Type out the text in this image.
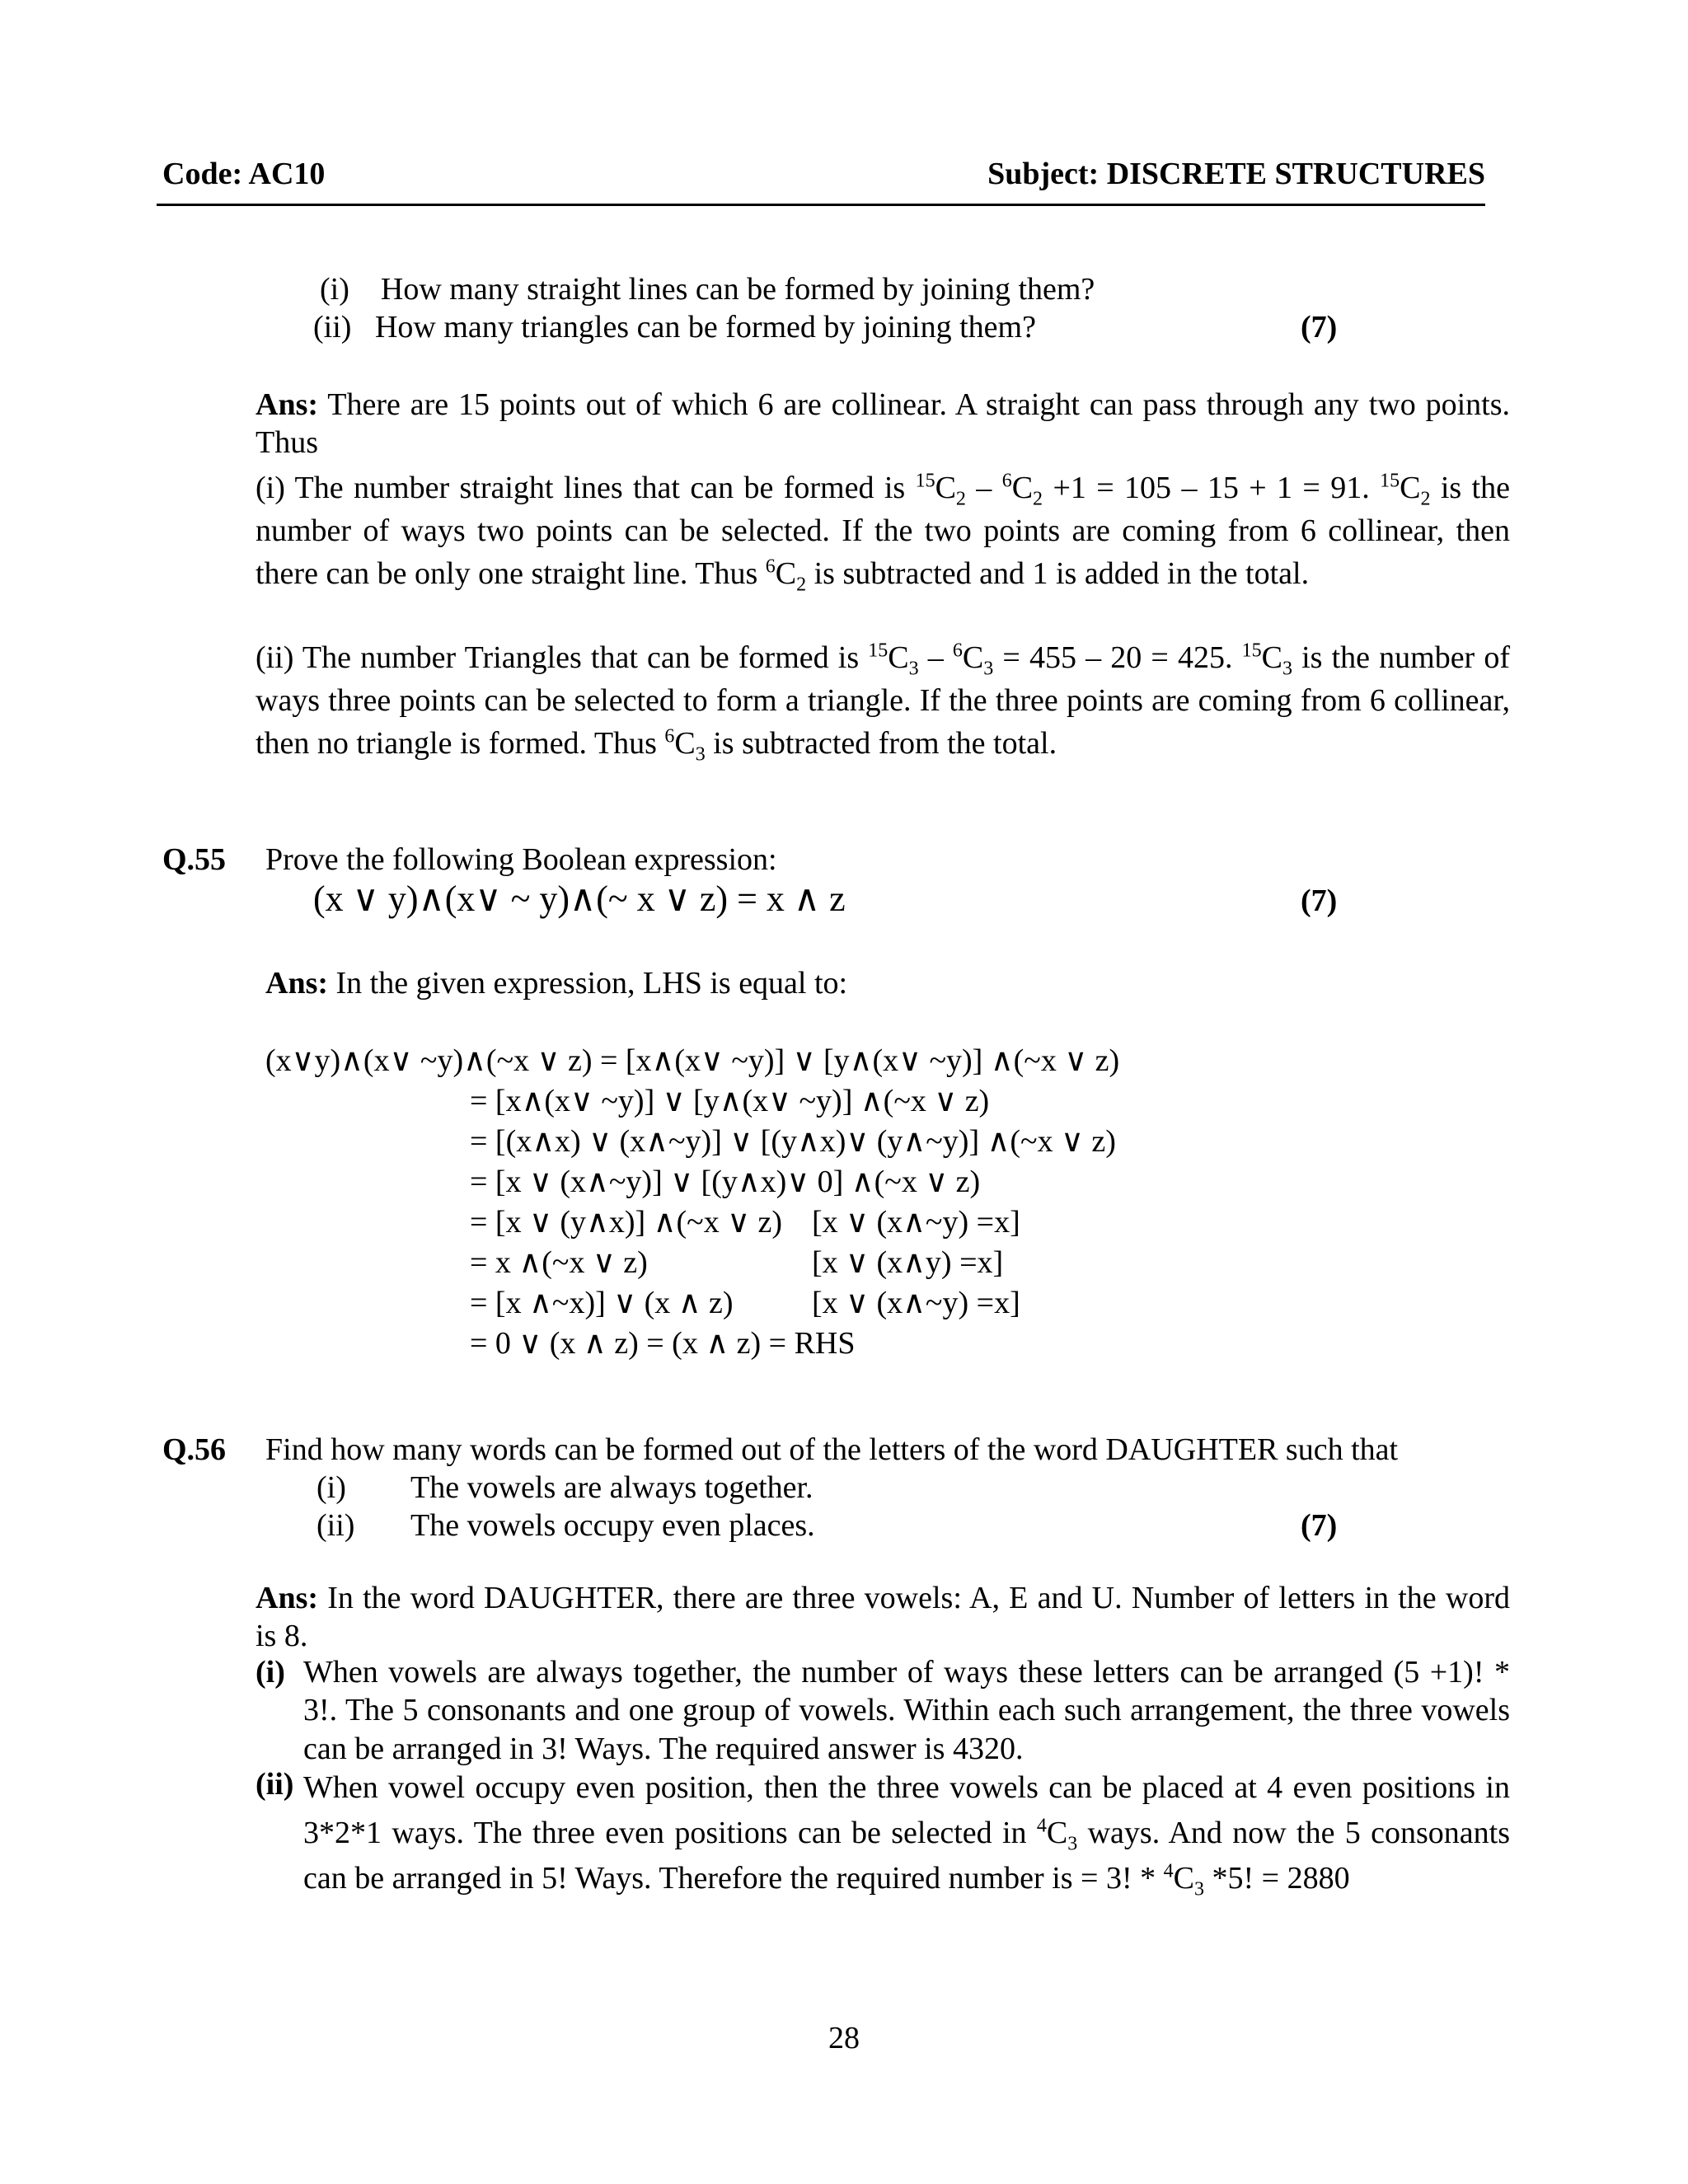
Code: AC10	Subject: DISCRETE STRUCTURES
(i) How many straight lines can be formed by joining them?
(ii) How many triangles can be formed by joining them?	(7)
Ans: There are 15 points out of which 6 are collinear. A straight can pass through any two points. Thus
(i) The number straight lines that can be formed is $^{15}C_2 - ^6C_2 +1 = 105 - 15 + 1 = 91$. $^{15}C_2$ is the number of ways two points can be selected. If the two points are coming from 6 collinear, then there can be only one straight line. Thus $^6C_2$ is subtracted and 1 is added in the total.
(ii) The number Triangles that can be formed is $^{15}C_3 - ^6C_3 = 455 - 20 = 425$. $^{15}C_3$ is the number of ways three points can be selected to form a triangle. If the three points are coming from 6 collinear, then no triangle is formed. Thus $^6C_3$ is subtracted from the total.
Q.55 Prove the following Boolean expression:
(x ∨ y)∧(x∨ ~ y)∧(~ x ∨ z) = x ∧ z	(7)
Ans: In the given expression, LHS is equal to:
(x∨y)∧(x∨ ~y)∧(~x ∨ z) = [x∧(x∨ ~y)] ∨ [y∧(x∨ ~y)] ∧(~x ∨ z)
= [x∧(x∨ ~y)] ∨ [y∧(x∨ ~y)] ∧(~x ∨ z)
= [(x∧x) ∨ (x∧~y)] ∨ [(y∧x)∨ (y∧~y)] ∧(~x ∨ z)
= [x ∨ (x∧~y)] ∨ [(y∧x)∨ 0] ∧(~x ∨ z)
= [x ∨ (y∧x)] ∧(~x ∨ z)
= x ∧(~x ∨ z)
= [x ∧~x)] ∨ (x ∧ z)
= 0 ∨ (x ∧ z) = (x ∧ z) = RHS
[x ∨ (x∧~y) =x]
[x ∨ (x∧y) =x]
[x ∨ (x∧~y) =x]
Q.56 Find how many words can be formed out of the letters of the word DAUGHTER such that
(i) The vowels are always together.
(ii) The vowels occupy even places.	(7)
Ans: In the word DAUGHTER, there are three vowels: A, E and U. Number of letters in the word is 8.
(i) When vowels are always together, the number of ways these letters can be arranged (5 +1)! * 3!. The 5 consonants and one group of vowels. Within each such arrangement, the three vowels can be arranged in 3! Ways. The required answer is 4320.
(ii) When vowel occupy even position, then the three vowels can be placed at 4 even positions in 3*2*1 ways. The three even positions can be selected in $^4C_3$ ways. And now the 5 consonants can be arranged in 5! Ways. Therefore the required number is = 3! * $^4C_3$ *5! = 2880
28
